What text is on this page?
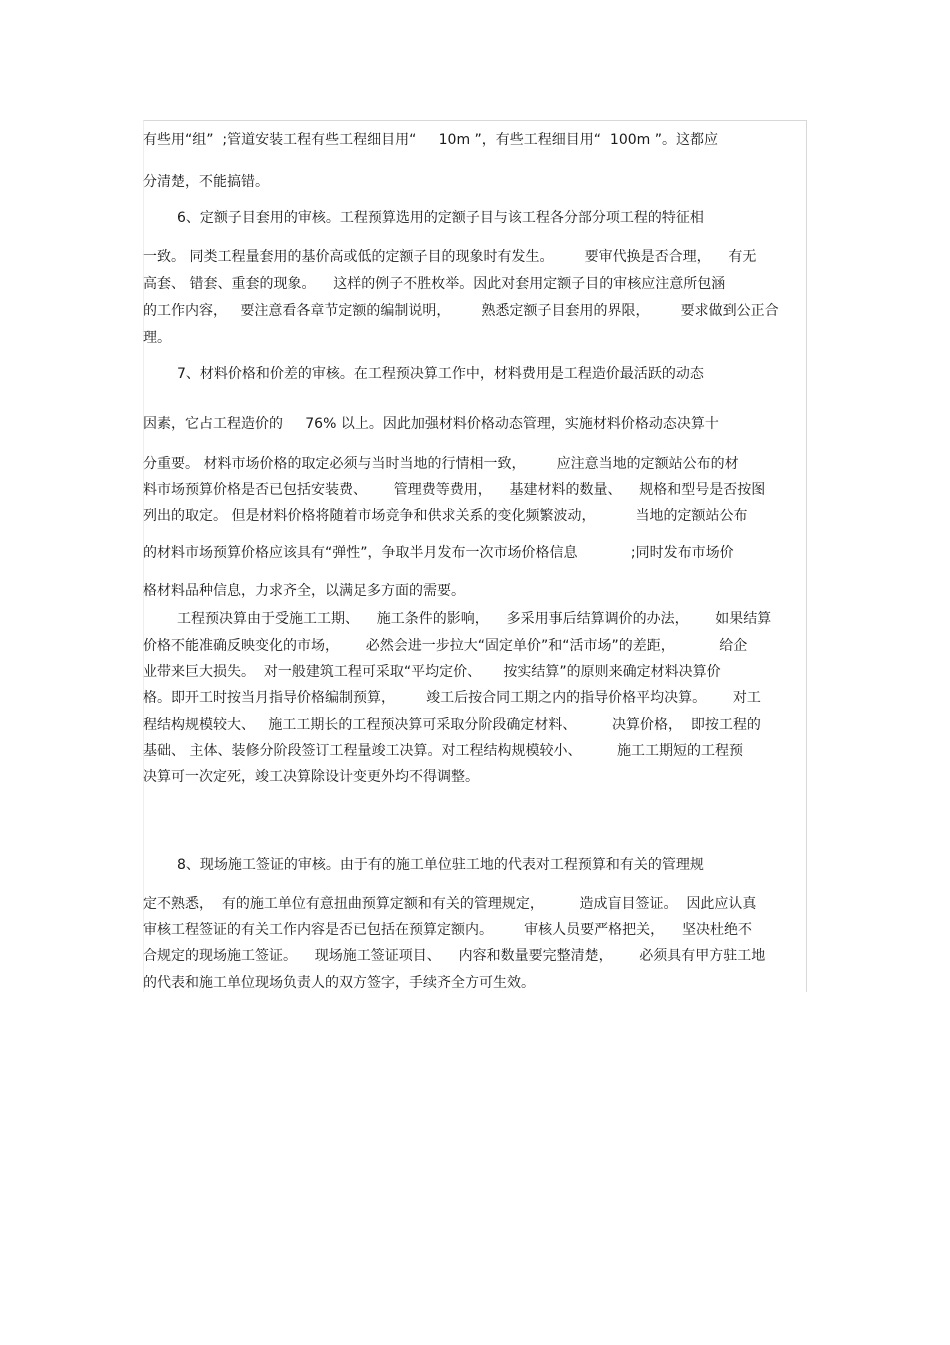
有些用“组”  ;管道安装工程有些工程细目用“     10m ”，有些工程细目用“  100m ”。这都应
分清楚，不能搞错。
6、定额子目套用的审核。工程预算选用的定额子目与该工程各分部分项工程的特征相
一致。 同类工程量套用的基价高或低的定额子目的现象时有发生。       要审代换是否合理，    有无
高套、 错套、重套的现象。    这样的例子不胜枚举。因此对套用定额子目的审核应注意所包涵
的工作内容，   要注意看各章节定额的编制说明，       熟悉定额子目套用的界限，       要求做到公正合
理。
7、材料价格和价差的审核。在工程预决算工作中，材料费用是工程造价最活跃的动态
因素，它占工程造价的     76% 以上。因此加强材料价格动态管理，实施材料价格动态决算十
分重要。 材料市场价格的取定必须与当时当地的行情相一致，       应注意当地的定额站公布的材
料市场预算价格是否已包括安装费、      管理费等费用，    基建材料的数量、    规格和型号是否按图
列出的取定。 但是材料价格将随着市场竞争和供求关系的变化频繁波动，         当地的定额站公布
的材料市场预算价格应该具有“弹性”，争取半月发布一次市场价格信息            ;同时发布市场价
格材料品种信息，力求齐全，以满足多方面的需要。
工程预决算由于受施工工期、    施工条件的影响，    多采用事后结算调价的办法，      如果结算
价格不能准确反映变化的市场，      必然会进一步拉大“固定单价”和“活市场”的差距，          给企
业带来巨大损失。  对一般建筑工程可采取“平均定价、     按实结算”的原则来确定材料决算价
格。即开工时按当月指导价格编制预算，       竣工后按合同工期之内的指导价格平均决算。      对工
程结构规模较大、   施工工期长的工程预决算可采取分阶段确定材料、        决算价格，  即按工程的
基础、 主体、装修分阶段签订工程量竣工决算。对工程结构规模较小、        施工工期短的工程预
决算可一次定死，竣工决算除设计变更外均不得调整。
8、现场施工签证的审核。由于有的施工单位驻工地的代表对工程预算和有关的管理规
定不熟悉，  有的施工单位有意扭曲预算定额和有关的管理规定，        造成盲目签证。  因此应认真
审核工程签证的有关工作内容是否已包括在预算定额内。       审核人员要严格把关，    坚决杜绝不
合规定的现场施工签证。    现场施工签证项目、    内容和数量要完整清楚，      必须具有甲方驻工地
的代表和施工单位现场负责人的双方签字，手续齐全方可生效。
